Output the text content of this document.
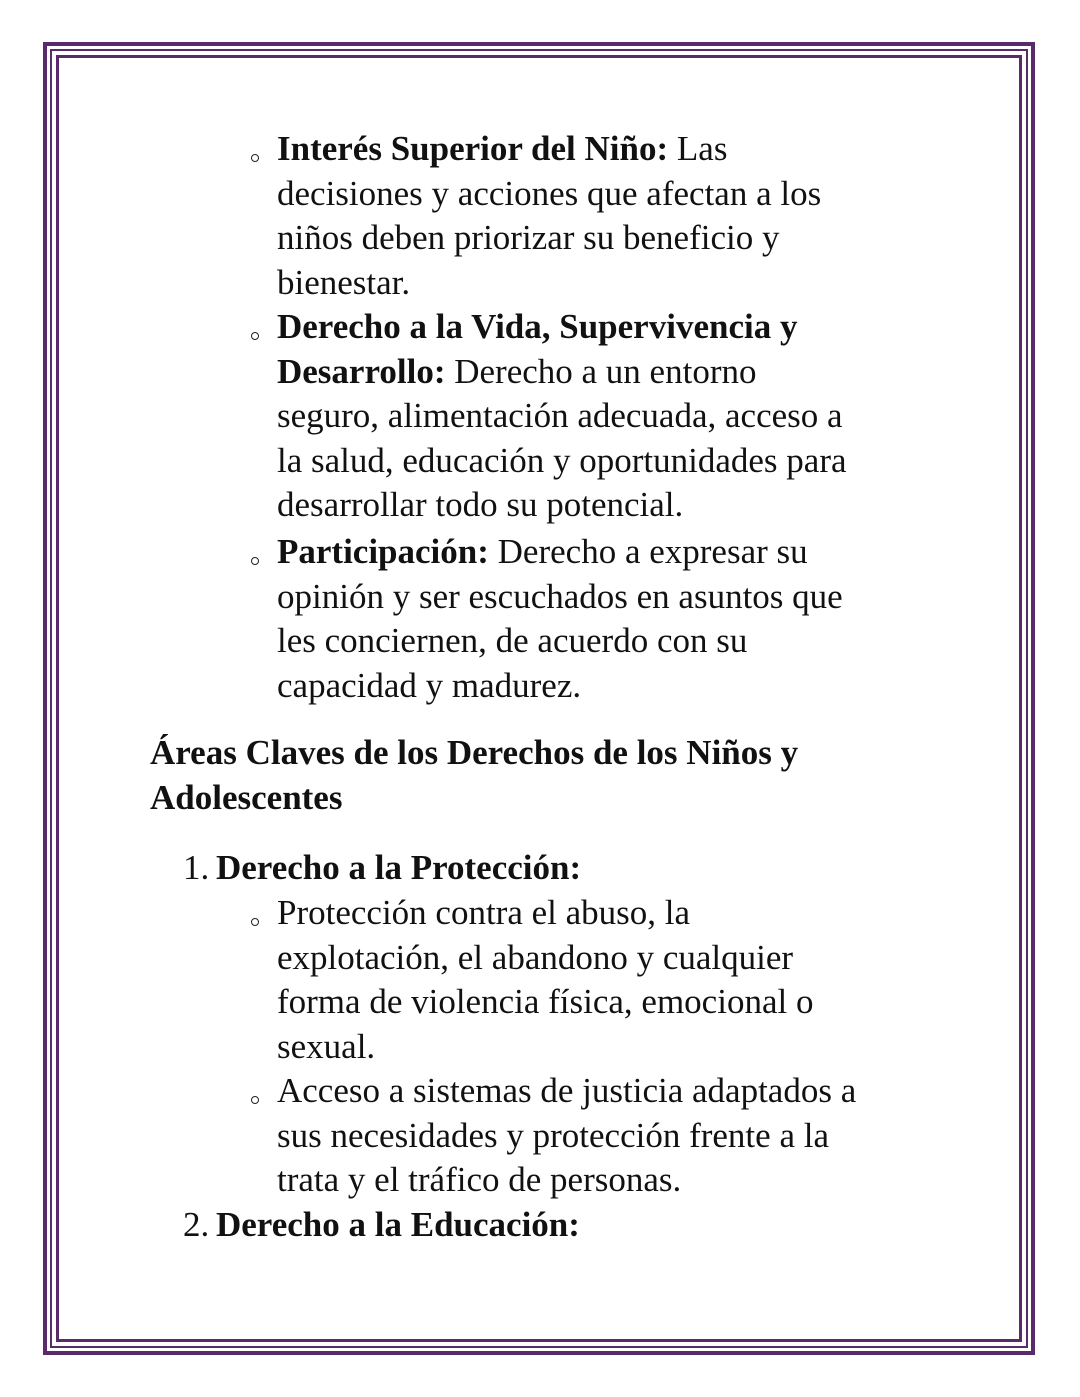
Interés Superior del Niño: Las
decisiones y acciones que afectan a los
niños deben priorizar su beneficio y
bienestar.
Derecho a la Vida, Supervivencia y
Desarrollo: Derecho a un entorno
seguro, alimentación adecuada, acceso a
la salud, educación y oportunidades para
desarrollar todo su potencial.
Participación: Derecho a expresar su
opinión y ser escuchados en asuntos que
les conciernen, de acuerdo con su
capacidad y madurez.
Áreas Claves de los Derechos de los Niños y
Adolescentes
1. Derecho a la Protección:
Protección contra el abuso, la
explotación, el abandono y cualquier
forma de violencia física, emocional o
sexual.
Acceso a sistemas de justicia adaptados a
sus necesidades y protección frente a la
trata y el tráfico de personas.
2. Derecho a la Educación:
